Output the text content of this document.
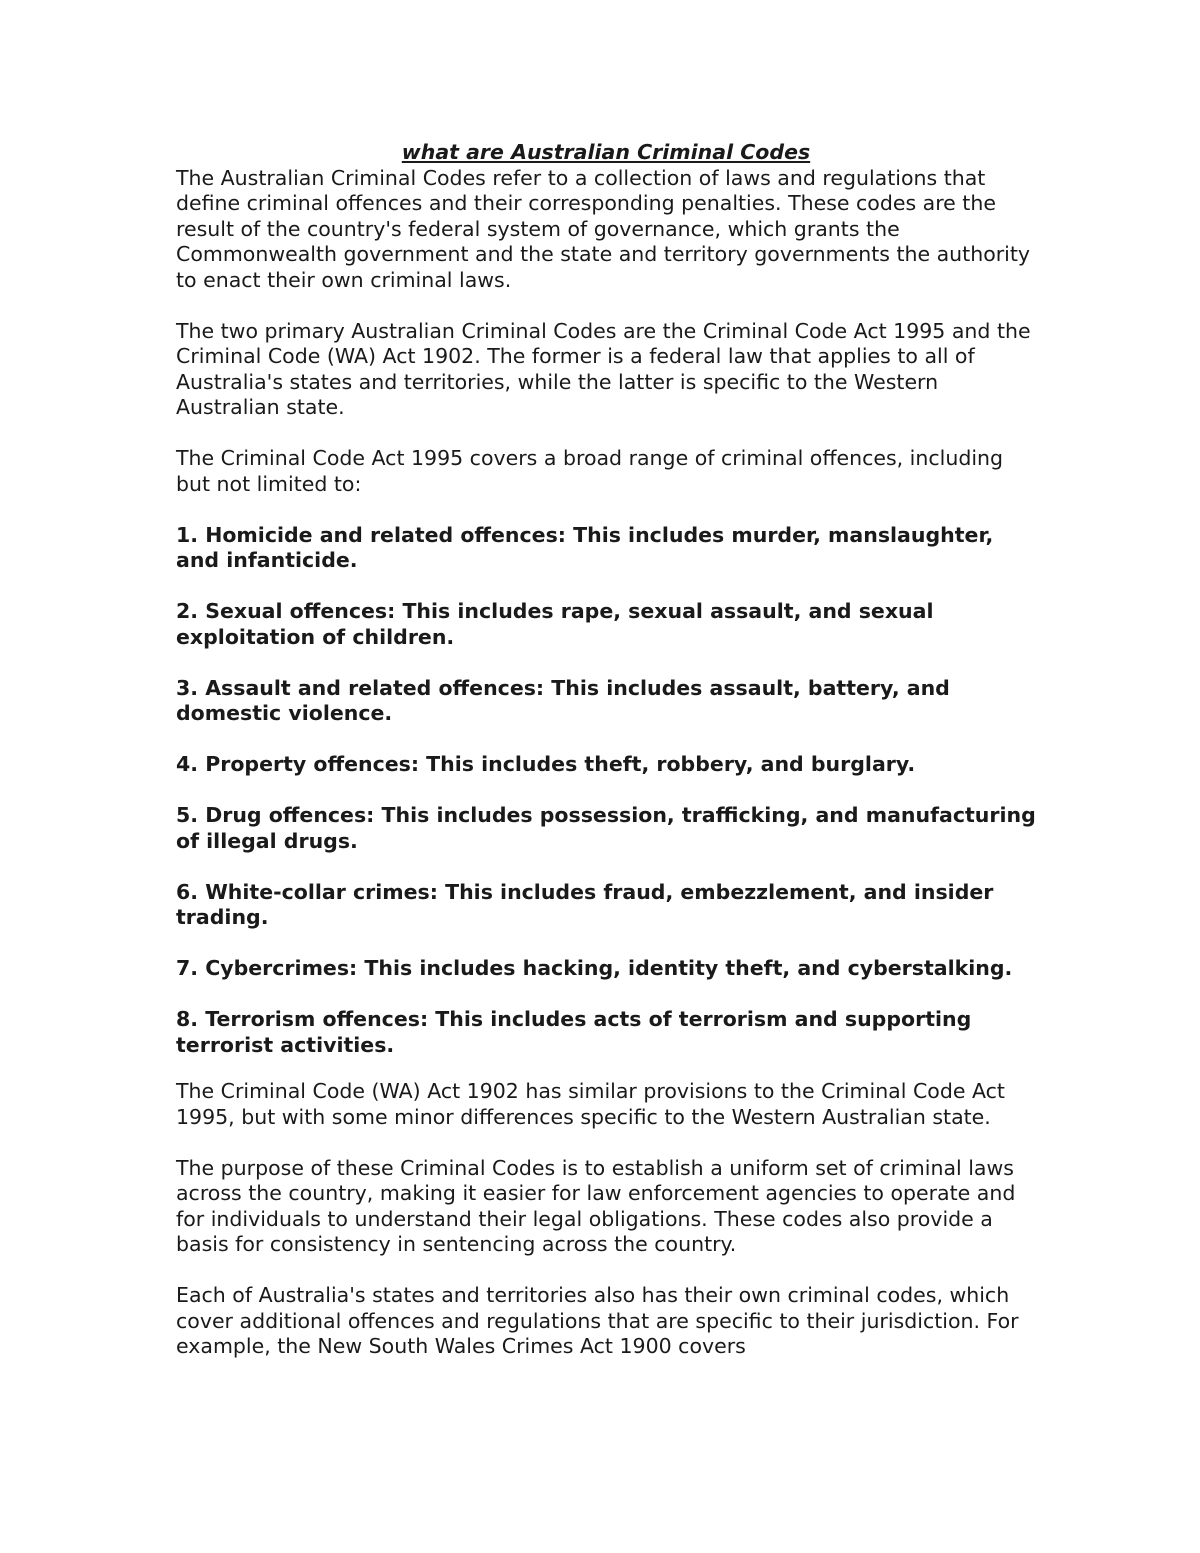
what are Australian Criminal Codes

The Australian Criminal Codes refer to a collection of laws and regulations that define criminal offences and their corresponding penalties. These codes are the result of the country's federal system of governance, which grants the Commonwealth government and the state and territory governments the authority to enact their own criminal laws.

The two primary Australian Criminal Codes are the Criminal Code Act 1995 and the Criminal Code (WA) Act 1902. The former is a federal law that applies to all of Australia's states and territories, while the latter is specific to the Western Australian state.

The Criminal Code Act 1995 covers a broad range of criminal offences, including but not limited to:

1. Homicide and related offences: This includes murder, manslaughter, and infanticide.

2. Sexual offences: This includes rape, sexual assault, and sexual exploitation of children.

3. Assault and related offences: This includes assault, battery, and domestic violence.

4. Property offences: This includes theft, robbery, and burglary.

5. Drug offences: This includes possession, trafficking, and manufacturing of illegal drugs.

6. White-collar crimes: This includes fraud, embezzlement, and insider trading.

7. Cybercrimes: This includes hacking, identity theft, and cyberstalking.

8. Terrorism offences: This includes acts of terrorism and supporting terrorist activities.

The Criminal Code (WA) Act 1902 has similar provisions to the Criminal Code Act 1995, but with some minor differences specific to the Western Australian state.

The purpose of these Criminal Codes is to establish a uniform set of criminal laws across the country, making it easier for law enforcement agencies to operate and for individuals to understand their legal obligations. These codes also provide a basis for consistency in sentencing across the country.

Each of Australia's states and territories also has their own criminal codes, which cover additional offences and regulations that are specific to their jurisdiction. For example, the New South Wales Crimes Act 1900 covers
